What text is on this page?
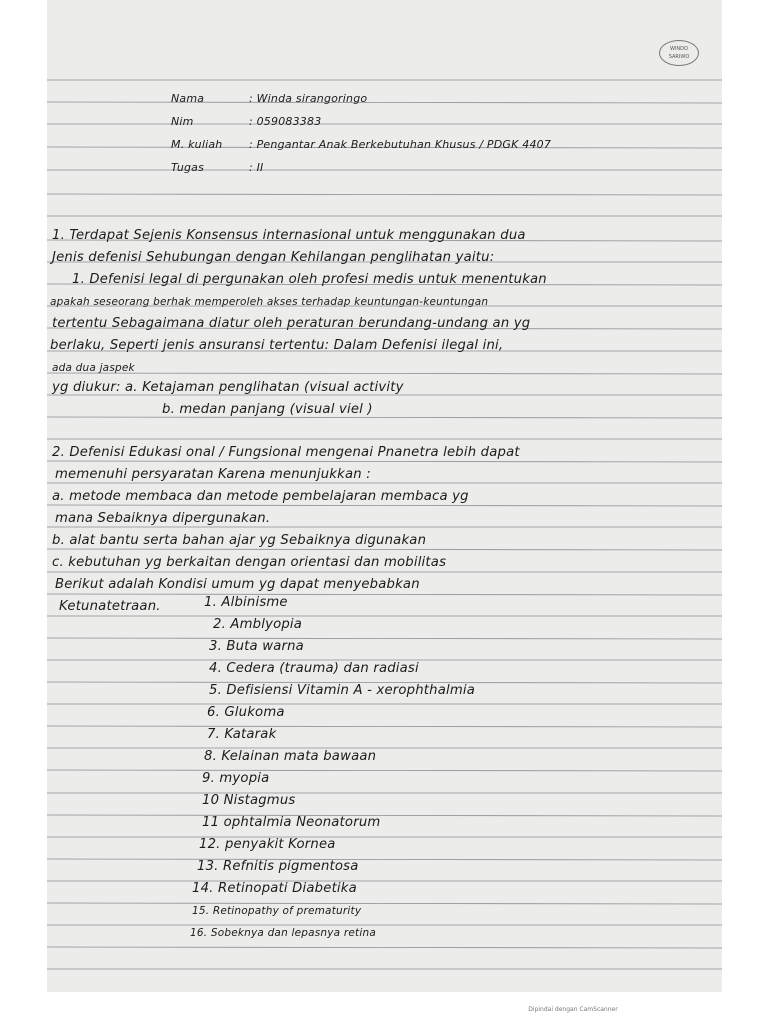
WINDO SARIWO

Nama	: Winda sirangoringo

Nim	: 059083383

M. kuliah : Pengantar Anak Berkebutuhan Khusus / PDGK 4407

Tugas	: II

1. Terdapat Sejenis Konsensus internasional untuk menggunakan dua

Jenis defenisi Sehubungan dengan Kehilangan penglihatan yaitu:

1. Defenisi legal di pergunakan oleh profesi medis untuk menentukan

apakah seseorang berhak memperoleh akses terhadap keuntungan-keuntungan

tertentu Sebagaimana diatur oleh peraturan berundang-undang an yg

berlaku, Seperti jenis ansuransi tertentu: Dalam Defenisi ilegal ini,

ada dua jaspek

yg diukur: a. Ketajaman penglihatan (visual activity

b. medan panjang (visual viel )

2. Defenisi Edukasi onal / Fungsional mengenai Pnanetra lebih dapat

memenuhi persyaratan Karena menunjukkan :

a. metode membaca dan metode pembelajaran membaca yg

mana Sebaiknya dipergunakan.

b. alat bantu serta bahan ajar yg Sebaiknya digunakan

c. kebutuhan yg berkaitan dengan orientasi dan mobilitas

Berikut adalah Kondisi umum yg dapat menyebabkan

Ketunatetraan.	1. Albinisme

2. Amblyopia

3. Buta warna

4. Cedera (trauma) dan radiasi

5. Defisiensi Vitamin A - xerophthalmia

6. Glukoma

7. Katarak

8. Kelainan mata bawaan

9. myopia

10 Nistagmus

11 ophtalmia Neonatorum

12. penyakit Kornea

13. Refnitis pigmentosa

14. Retinopati Diabetika

15. Retinopathy of prematurity

16. Sobeknya dan lepasnya retina

Dipindai dengan CamScanner
